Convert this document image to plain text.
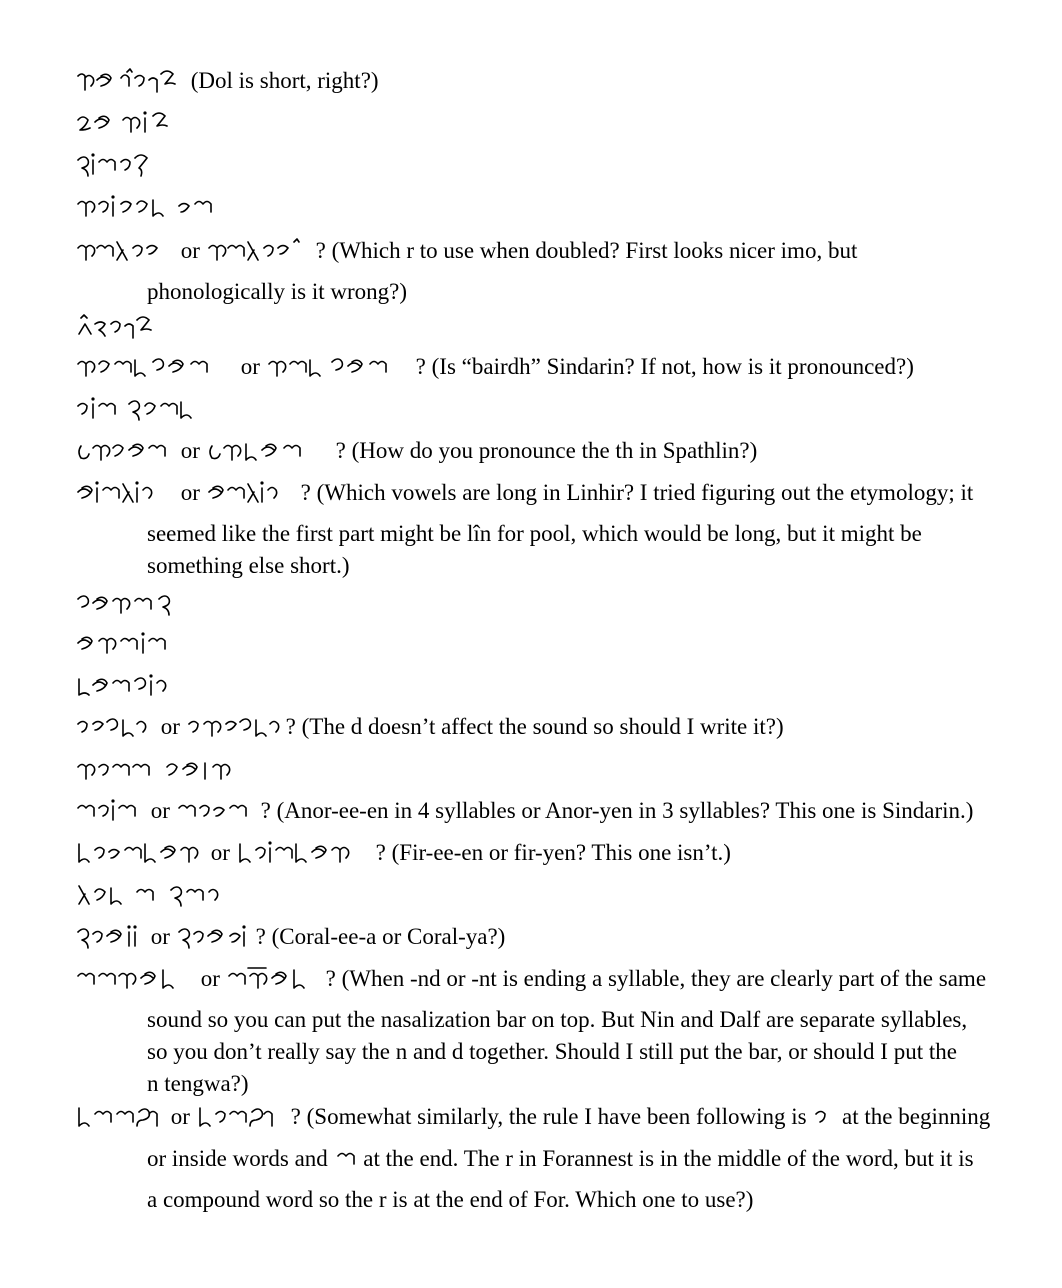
(Dol is short, right?)
or	? (Which r to use when doubled? First looks nicer imo, but
phonologically is it wrong?)
or	? (Is “bairdh” Sindarin? If not, how is it pronounced?)
or	? (How do you pronounce the th in Spathlin?)
or	? (Which vowels are long in Linhir? I tried figuring out the etymology; it
seemed like the first part might be lîn for pool, which would be long, but it might be
something else short.)
or	? (The d doesn’t affect the sound so should I write it?)
or	? (Anor-ee-en in 4 syllables or Anor-yen in 3 syllables? This one is Sindarin.)
or	? (Fir-ee-en or fir-yen? This one isn’t.)
or	? (Coral-ee-a or Coral-ya?)
or	? (When -nd or -nt is ending a syllable, they are clearly part of the same
sound so you can put the nasalization bar on top. But Nin and Dalf are separate syllables,
so you don’t really say the n and d together. Should I still put the bar, or should I put the
n tengwa?)
or	? (Somewhat similarly, the rule I have been following is at the beginning
or inside words and at the end. The r in Forannest is in the middle of the word, but it is
a compound word so the r is at the end of For. Which one to use?)
